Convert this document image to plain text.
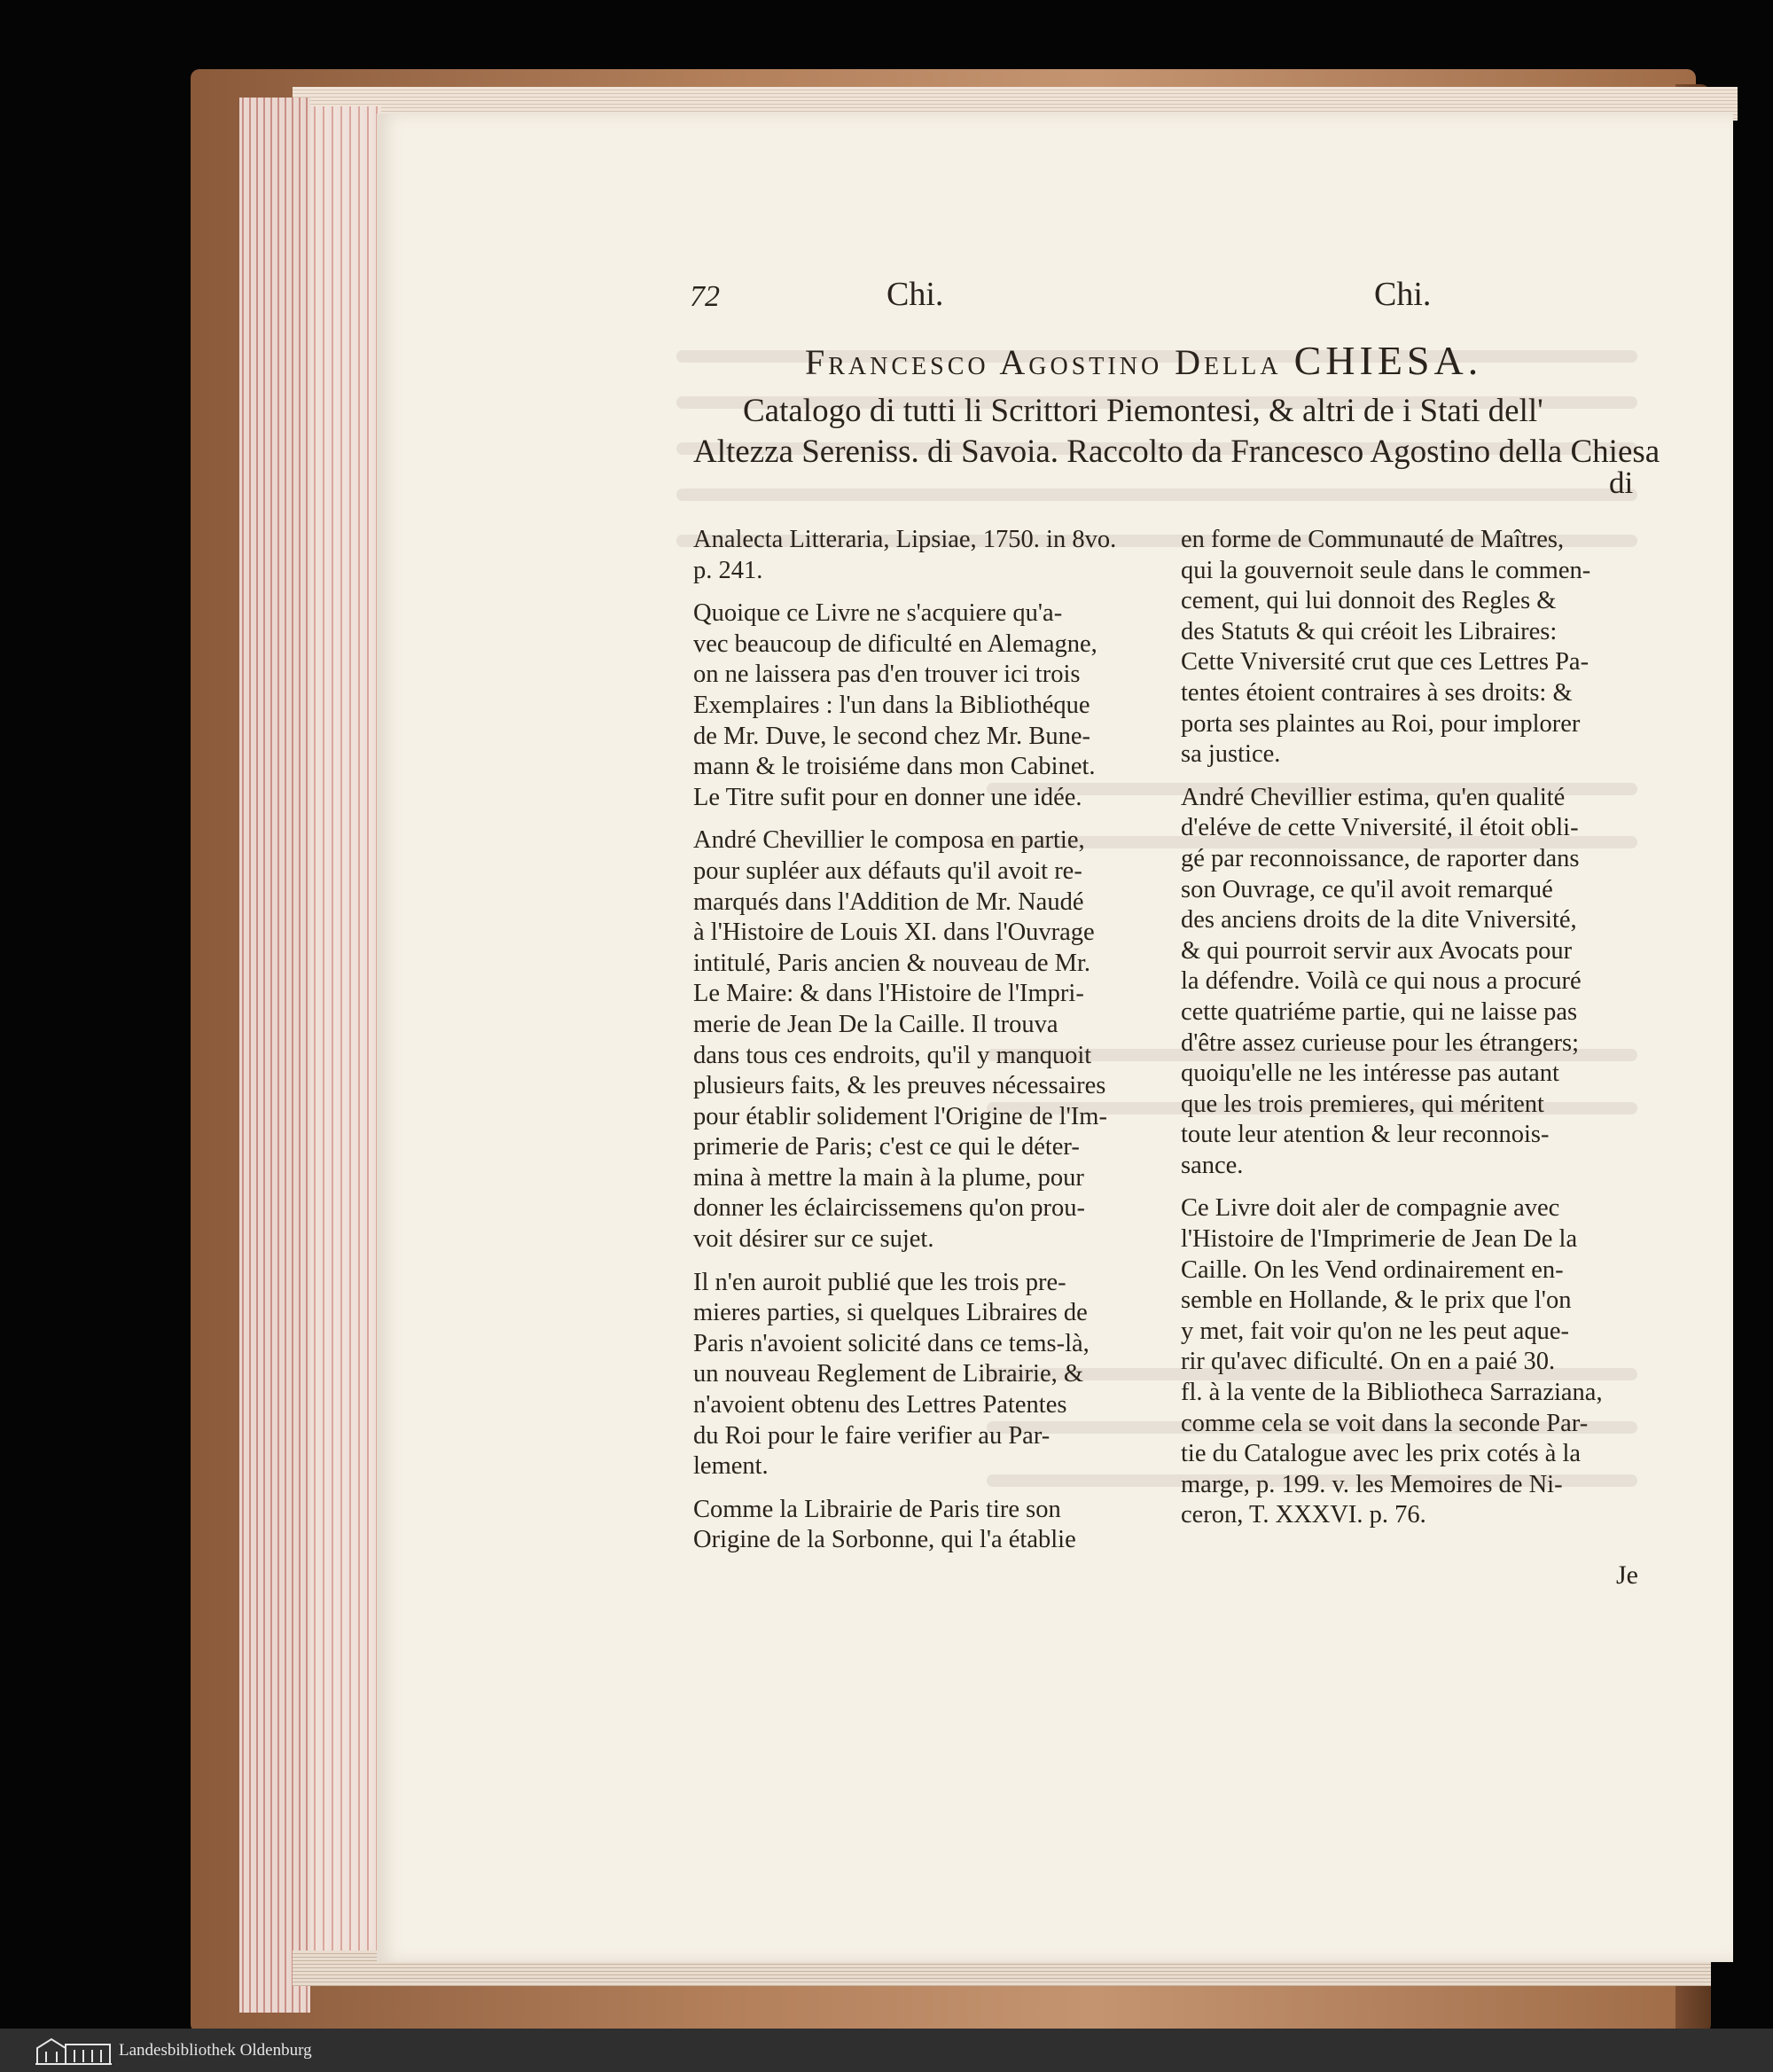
72	Chi.	Chi.
Francesco Agostino Della CHIESA.
Catalogo di tutti li Scrittori Piemontesi, & altri de i Stati dell'
Altezza Sereniss. di Savoia. Raccolto da Francesco Agostino della Chiesa
di
Analecta Litteraria, Lipsiae, 1750. in 8vo.
p. 241.
Quoique ce Livre ne s'acquiere qu'a-
vec beaucoup de dificulté en Alemagne,
on ne laissera pas d'en trouver ici trois
Exemplaires : l'un dans la Bibliothéque
de Mr. Duve, le second chez Mr. Bune-
mann & le troisiéme dans mon Cabinet.
Le Titre sufit pour en donner une idée.
André Chevillier le composa en partie,
pour supléer aux défauts qu'il avoit re-
marqués dans l'Addition de Mr. Naudé
à l'Histoire de Louis XI. dans l'Ouvrage
intitulé, Paris ancien & nouveau de Mr.
Le Maire: & dans l'Histoire de l'Impri-
merie de Jean De la Caille. Il trouva
dans tous ces endroits, qu'il y manquoit
plusieurs faits, & les preuves nécessaires
pour établir solidement l'Origine de l'Im-
primerie de Paris; c'est ce qui le déter-
mina à mettre la main à la plume, pour
donner les éclaircissemens qu'on prou-
voit désirer sur ce sujet.
Il n'en auroit publié que les trois pre-
mieres parties, si quelques Libraires de
Paris n'avoient solicité dans ce tems-là,
un nouveau Reglement de Librairie, &
n'avoient obtenu des Lettres Patentes
du Roi pour le faire verifier au Par-
lement.
Comme la Librairie de Paris tire son
Origine de la Sorbonne, qui l'a établie
en forme de Communauté de Maîtres,
qui la gouvernoit seule dans le commen-
cement, qui lui donnoit des Regles &
des Statuts & qui créoit les Libraires:
Cette Vniversité crut que ces Lettres Pa-
tentes étoient contraires à ses droits: &
porta ses plaintes au Roi, pour implorer
sa justice.
André Chevillier estima, qu'en qualité
d'eléve de cette Vniversité, il étoit obli-
gé par reconnoissance, de raporter dans
son Ouvrage, ce qu'il avoit remarqué
des anciens droits de la dite Vniversité,
& qui pourroit servir aux Avocats pour
la défendre. Voilà ce qui nous a procuré
cette quatriéme partie, qui ne laisse pas
d'être assez curieuse pour les étrangers;
quoiqu'elle ne les intéresse pas autant
que les trois premieres, qui méritent
toute leur atention & leur reconnois-
sance.
Ce Livre doit aler de compagnie avec
l'Histoire de l'Imprimerie de Jean De la
Caille. On les Vend ordinairement en-
semble en Hollande, & le prix que l'on
y met, fait voir qu'on ne les peut aque-
rir qu'avec dificulté. On en a paié 30.
fl. à la vente de la Bibliotheca Sarraziana,
comme cela se voit dans la seconde Par-
tie du Catalogue avec les prix cotés à la
marge, p. 199. v. les Memoires de Ni-
ceron, T. XXXVI. p. 76.
Je
Landesbibliothek Oldenburg
